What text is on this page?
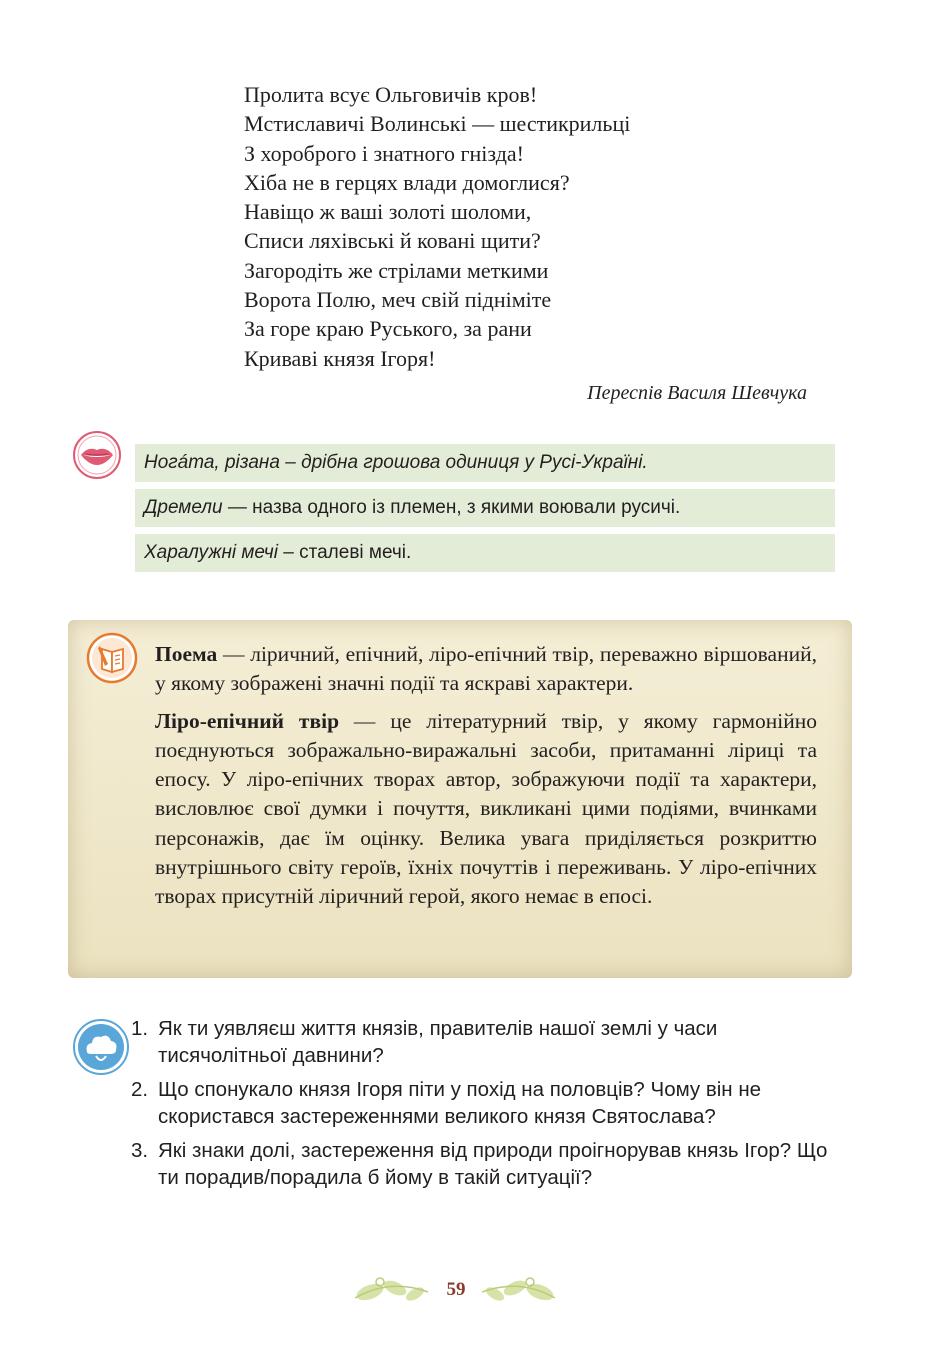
Пролита всує Ольговичів кров!
Мстиславичі Волинські — шестикрильці
З хороброго і знатного гнізда!
Хіба не в герцях влади домоглися?
Навіщо ж ваші золоті шоломи,
Списи ляхівські й ковані щити?
Загородіть же стрілами меткими
Ворота Полю, меч свій підніміте
За горе краю Руського, за рани
Криваві князя Ігоря!
Переспів Василя Шевчука
Ногáта, різана – дрібна грошова одиниця у Русі-Україні.
Дремели — назва одного із племен, з якими воювали русичі.
Харалужні мечі – сталеві мечі.

Поема — ліричний, епічний, ліро-епічний твір, переважно віршований, у якому зображені значні події та яскраві характери.

Ліро-епічний твір — це літературний твір, у якому гармонійно поєднуються зображально-виражальні засоби, притаманні ліриці та епосу. У ліро-епічних творах автор, зображуючи події та характери, висловлює свої думки і почуття, викликані цими подіями, вчинками персонажів, дає їм оцінку. Велика увага приділяється розкриттю внутрішнього світу героїв, їхніх почуттів і переживань. У ліро-епічних творах присутній ліричний герой, якого немає в епосі.

1. Як ти уявляєш життя князів, правителів нашої землі у часи тисячолітньої давнини?
2. Що спонукало князя Ігоря піти у похід на половців? Чому він не скористався застереженнями великого князя Святослава?
3. Які знаки долі, застереження від природи проігнорував князь Ігор? Що ти порадив/порадила б йому в такій ситуації?
59
